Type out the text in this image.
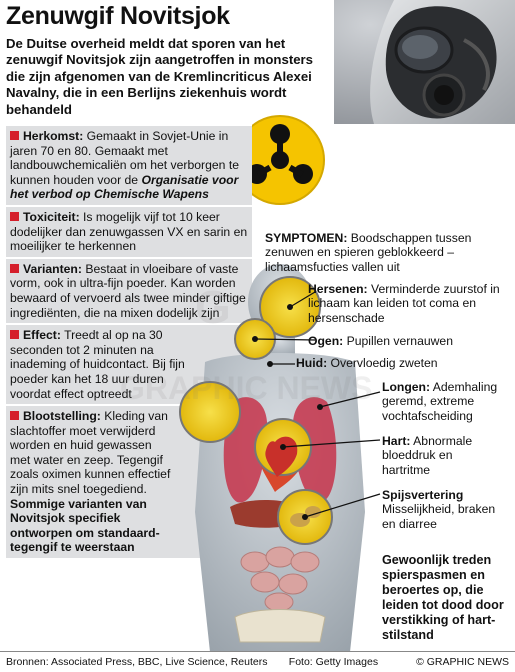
Zenuwgif Novitsjok
De Duitse overheid meldt dat sporen van het zenuwgif Novitsjok zijn aangetroffen in monsters die zijn afgenomen van de Kremlincriticus Alexei Navalny, die in een Berlijns ziekenhuis wordt behandeld
Herkomst: Gemaakt in Sovjet-Unie in jaren 70 en 80. Gemaakt met landbouwchemicaliën om het verborgen te kunnen houden voor de Organisatie voor het verbod op Chemische Wapens
Toxiciteit: Is mogelijk vijf tot 10 keer dodelijker dan zenuwgassen VX en sarin en moeilijker te herkennen
Varianten: Bestaat in vloeibare of vaste vorm, ook in ultra-fijn poeder. Kan worden bewaard of vervoerd als twee minder giftige ingrediënten, die na mixen dodelijk zijn
Effect: Treedt al op na 30 seconden tot 2 minuten na inademing of huidcontact. Bij fijn poeder kan het 18 uur duren voordat effect optreedt
Blootstelling: Kleding van slachtoffer moet verwijderd worden en huid gewassen met water en zeep. Tegengif zoals oximen kunnen effectief zijn mits snel toegediend. Sommige varianten van Novitsjok specifiek ontworpen om standaard-tegengif te weerstaan
G
GRAPHIC NEWS
SYMPTOMEN: Boodschappen tussen zenuwen en spieren geblokkeerd – lichaamsfucties vallen uit
Hersenen: Verminderde zuurstof in lichaam kan leiden tot coma en hersenschade
Ogen: Pupillen vernauwen
Huid: Overvloedig zweten
Longen: Ademhaling geremd, extreme vochtafscheiding
Hart: Abnormale bloeddruk en hartritme
Spijsvertering
Misselijkheid, braken en diarree
Gewoonlijk treden spierspasmen en beroertes op, die leiden tot dood door verstikking of hart-stilstand
Bronnen: Associated Press, BBC, Live Science, Reuters	Foto: Getty Images	© GRAPHIC NEWS
